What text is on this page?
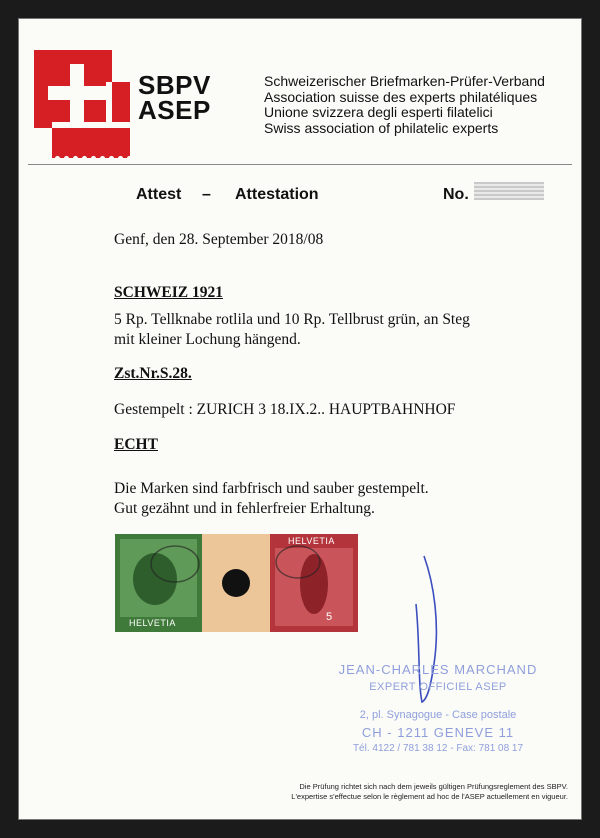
SBPV
ASEP
Schweizerischer Briefmarken-Prüfer-Verband
Association suisse des experts philatéliques
Unione svizzera degli esperti filatelici
Swiss association of philatelic experts
Attest – Attestation	No.
Genf, den 28. September 2018/08
SCHWEIZ 1921
5 Rp. Tellknabe rotlila und 10 Rp. Tellbrust grün, an Steg
mit kleiner Lochung hängend.
Zst.Nr.S.28.
Gestempelt : ZURICH 3 18.IX.2.. HAUPTBAHNHOF
ECHT
Die Marken sind farbfrisch und sauber gestempelt.
Gut gezähnt und in fehlerfreier Erhaltung.
HELVETIA	5
HELVETIA
JEAN-CHARLES MARCHAND
EXPERT OFFICIEL ASEP
2, pl. Synagogue - Case postale
CH - 1211 GENEVE 11
Tél. 4122 / 781 38 12 - Fax: 781 08 17
Die Prüfung richtet sich nach dem jeweils gültigen Prüfungsreglement des SBPV.
L'expertise s'effectue selon le règlement ad hoc de l'ASEP actuellement en vigueur.
